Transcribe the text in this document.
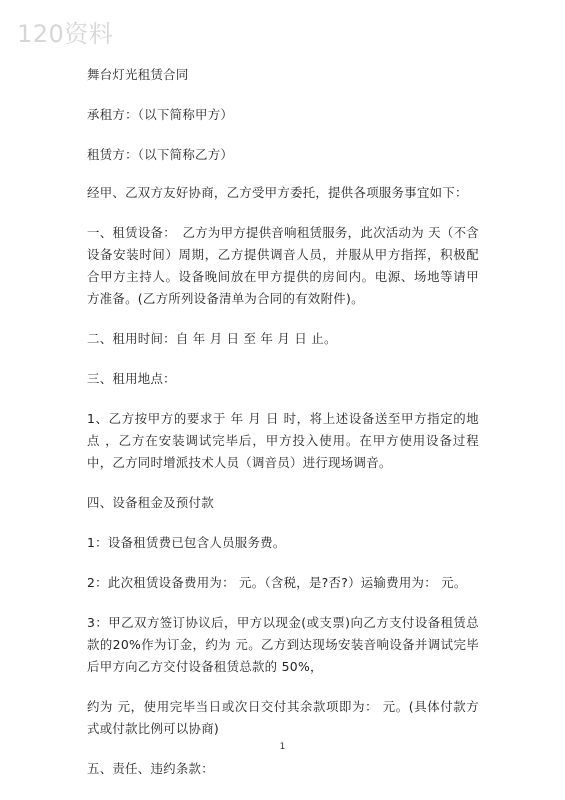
120资料

舞台灯光租赁合同

承租方：（以下简称甲方）

租赁方：（以下简称乙方）

经甲、乙双方友好协商，乙方受甲方委托，提供各项服务事宜如下：

一、租赁设备：　乙方为甲方提供音响租赁服务，此次活动为 天（不含设备安装时间）周期，乙方提供调音人员，并服从甲方指挥，积极配合甲方主持人。设备晚间放在甲方提供的房间内。电源、场地等请甲方准备。(乙方所列设备清单为合同的有效附件)。

二、租用时间：自 年 月 日 至 年 月 日 止。

三、租用地点：

1、乙方按甲方的要求于 年 月 日 时，将上述设备送至甲方指定的地点 ，乙方在安装调试完毕后，甲方投入使用。在甲方使用设备过程中，乙方同时增派技术人员（调音员）进行现场调音。

四、设备租金及预付款

1：设备租赁费已包含人员服务费。

2：此次租赁设备费用为： 元。（含税，是?否?）运输费用为： 元。

3：甲乙双方签订协议后，甲方以现金(或支票)向乙方支付设备租赁总款的20%作为订金，约为 元。乙方到达现场安装音响设备并调试完毕后甲方向乙方交付设备租赁总款的 50%，

约为 元，使用完毕当日或次日交付其余款项即为： 元。(具体付款方式或付款比例可以协商)

五、责任、违约条款：

1
